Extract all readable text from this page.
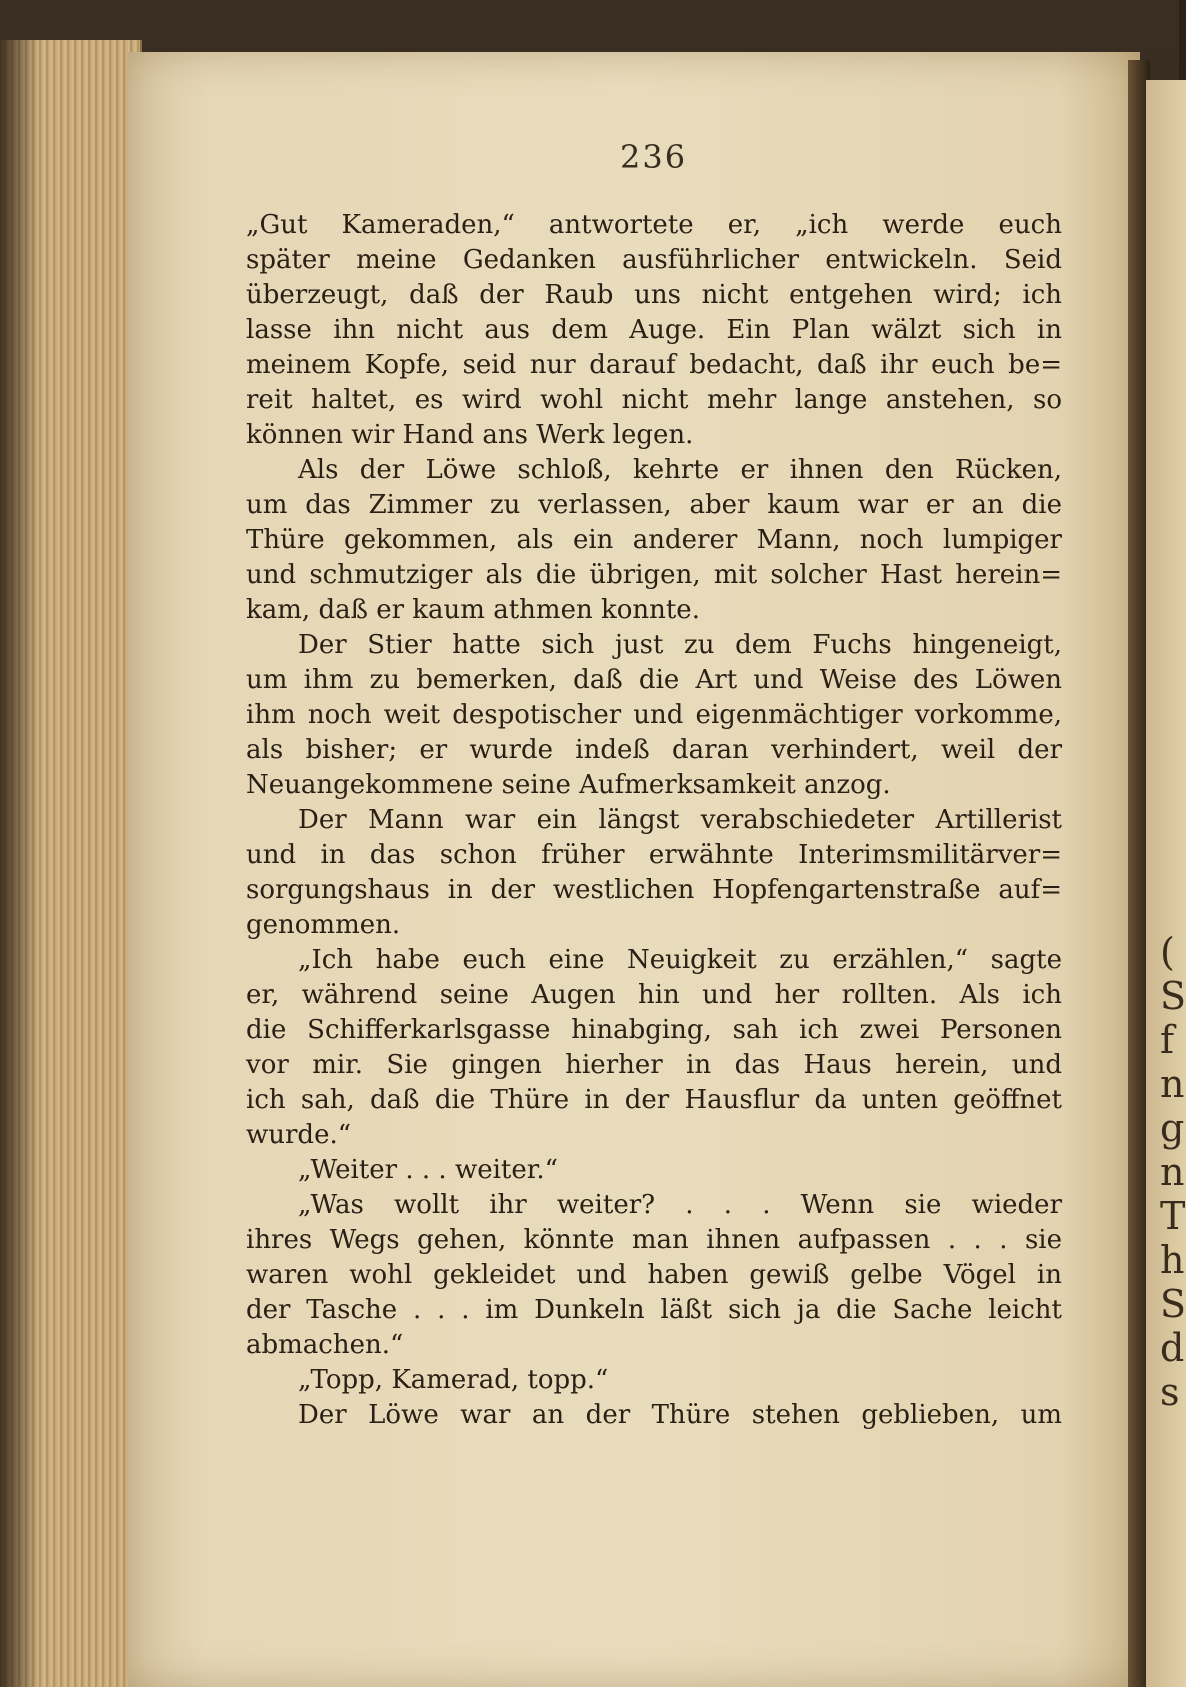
(
S
f
n
g
n
T
h
S
d
s
236
„Gut Kameraden,“ antwortete er, „ich werde euch
später meine Gedanken ausführlicher entwickeln. Seid
überzeugt, daß der Raub uns nicht entgehen wird; ich
lasse ihn nicht aus dem Auge. Ein Plan wälzt sich in
meinem Kopfe, seid nur darauf bedacht, daß ihr euch be=
reit haltet, es wird wohl nicht mehr lange anstehen, so
können wir Hand ans Werk legen.
Als der Löwe schloß, kehrte er ihnen den Rücken,
um das Zimmer zu verlassen, aber kaum war er an die
Thüre gekommen, als ein anderer Mann, noch lumpiger
und schmutziger als die übrigen, mit solcher Hast herein=
kam, daß er kaum athmen konnte.
Der Stier hatte sich just zu dem Fuchs hingeneigt,
um ihm zu bemerken, daß die Art und Weise des Löwen
ihm noch weit despotischer und eigenmächtiger vorkomme,
als bisher; er wurde indeß daran verhindert, weil der
Neuangekommene seine Aufmerksamkeit anzog.
Der Mann war ein längst verabschiedeter Artillerist
und in das schon früher erwähnte Interimsmilitärver=
sorgungshaus in der westlichen Hopfengartenstraße auf=
genommen.
„Ich habe euch eine Neuigkeit zu erzählen,“ sagte
er, während seine Augen hin und her rollten. Als ich
die Schifferkarlsgasse hinabging, sah ich zwei Personen
vor mir. Sie gingen hierher in das Haus herein, und
ich sah, daß die Thüre in der Hausflur da unten geöffnet
wurde.“
„Weiter . . . weiter.“
„Was wollt ihr weiter? . . . Wenn sie wieder
ihres Wegs gehen, könnte man ihnen aufpassen . . . sie
waren wohl gekleidet und haben gewiß gelbe Vögel in
der Tasche . . . im Dunkeln läßt sich ja die Sache leicht
abmachen.“
„Topp, Kamerad, topp.“
Der Löwe war an der Thüre stehen geblieben, um
